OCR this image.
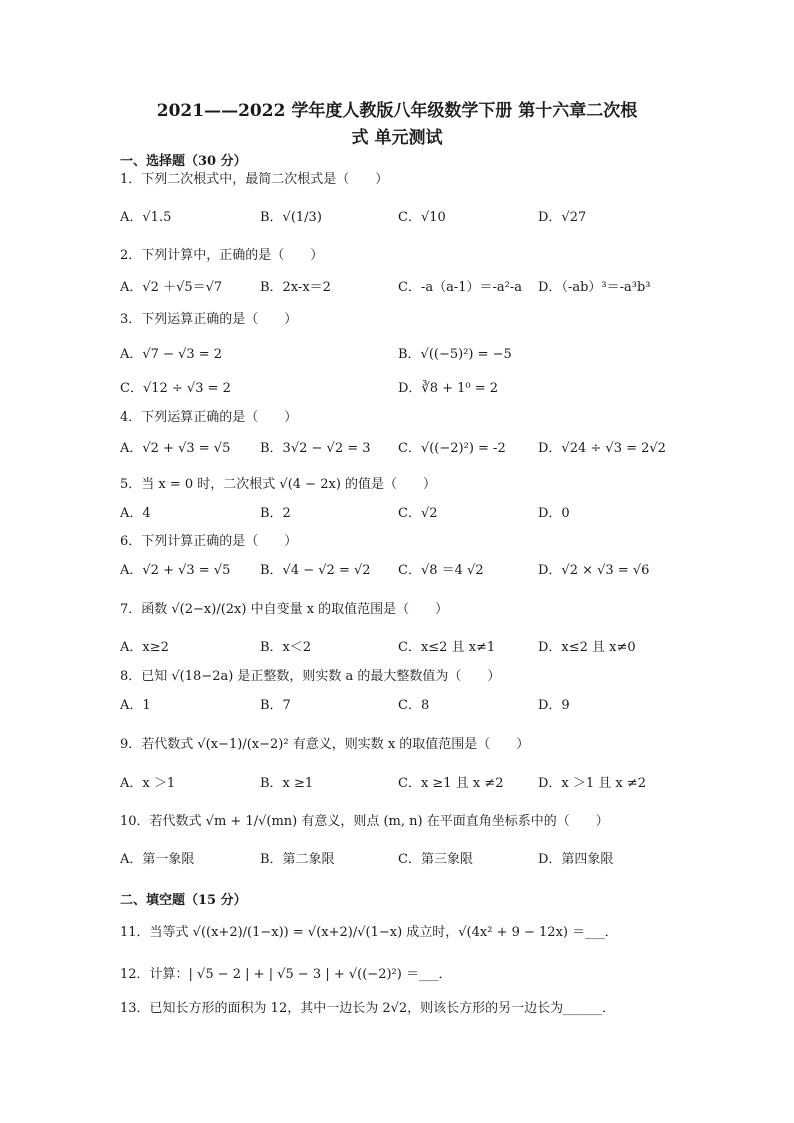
2021——2022 学年度人教版八年级数学下册 第十六章二次根
式 单元测试
一、选择题（30 分）
1．下列二次根式中，最简二次根式是（　　）
A．√1.5	B．√(1/3)	C．√10	D．√27
2．下列计算中，正确的是（　　）
A．√2 ＋√5＝√7	B．2x-x＝2	C．-a（a-1）＝-a²-a D．（-ab）³＝-a³b³
3．下列运算正确的是（　　）
A．√7 − √3 = 2	B．√((−5)²) = −5
C．√12 ÷ √3 = 2	D．∛8 + 1⁰ = 2
4．下列运算正确的是（　　）
A．√2 + √3 = √5 B．3√2 − √2 = 3 C．√((−2)²) = -2 D．√24 ÷ √3 = 2√2
5．当 x = 0 时，二次根式 √(4 − 2x) 的值是（　　）
A．4	B．2	C．√2	D．0
6．下列计算正确的是（　　）
A．√2 + √3 = √5 B．√4 − √2 = √2 C．√8 ＝4 √2	D．√2 × √3 = √6
7．函数 √(2−x)/(2x) 中自变量 x 的取值范围是（　　）
A．x≥2	B．x＜2	C．x≤2 且 x≠1	D．x≤2 且 x≠0
8．已知 √(18−2a) 是正整数，则实数 a 的最大整数值为（　　）
A．1	B．7	C．8	D．9
9．若代数式 √(x−1)/(x−2)² 有意义，则实数 x 的取值范围是（　　）
A．x ＞1	B．x ≥1	C．x ≥1 且 x ≠2	D．x ＞1 且 x ≠2
10．若代数式 √m + 1/√(mn) 有意义，则点 (m, n) 在平面直角坐标系中的（　　）
A．第一象限	B．第二象限	C．第三象限	D．第四象限
二、填空题（15 分）
11．当等式 √((x+2)/(1−x)) = √(x+2)/√(1−x) 成立时，√(4x² + 9 − 12x) ＝___．
12．计算：| √5 − 2 | + | √5 − 3 | + √((−2)²) ＝___．
13．已知长方形的面积为 12，其中一边长为 2√2，则该长方形的另一边长为______．
